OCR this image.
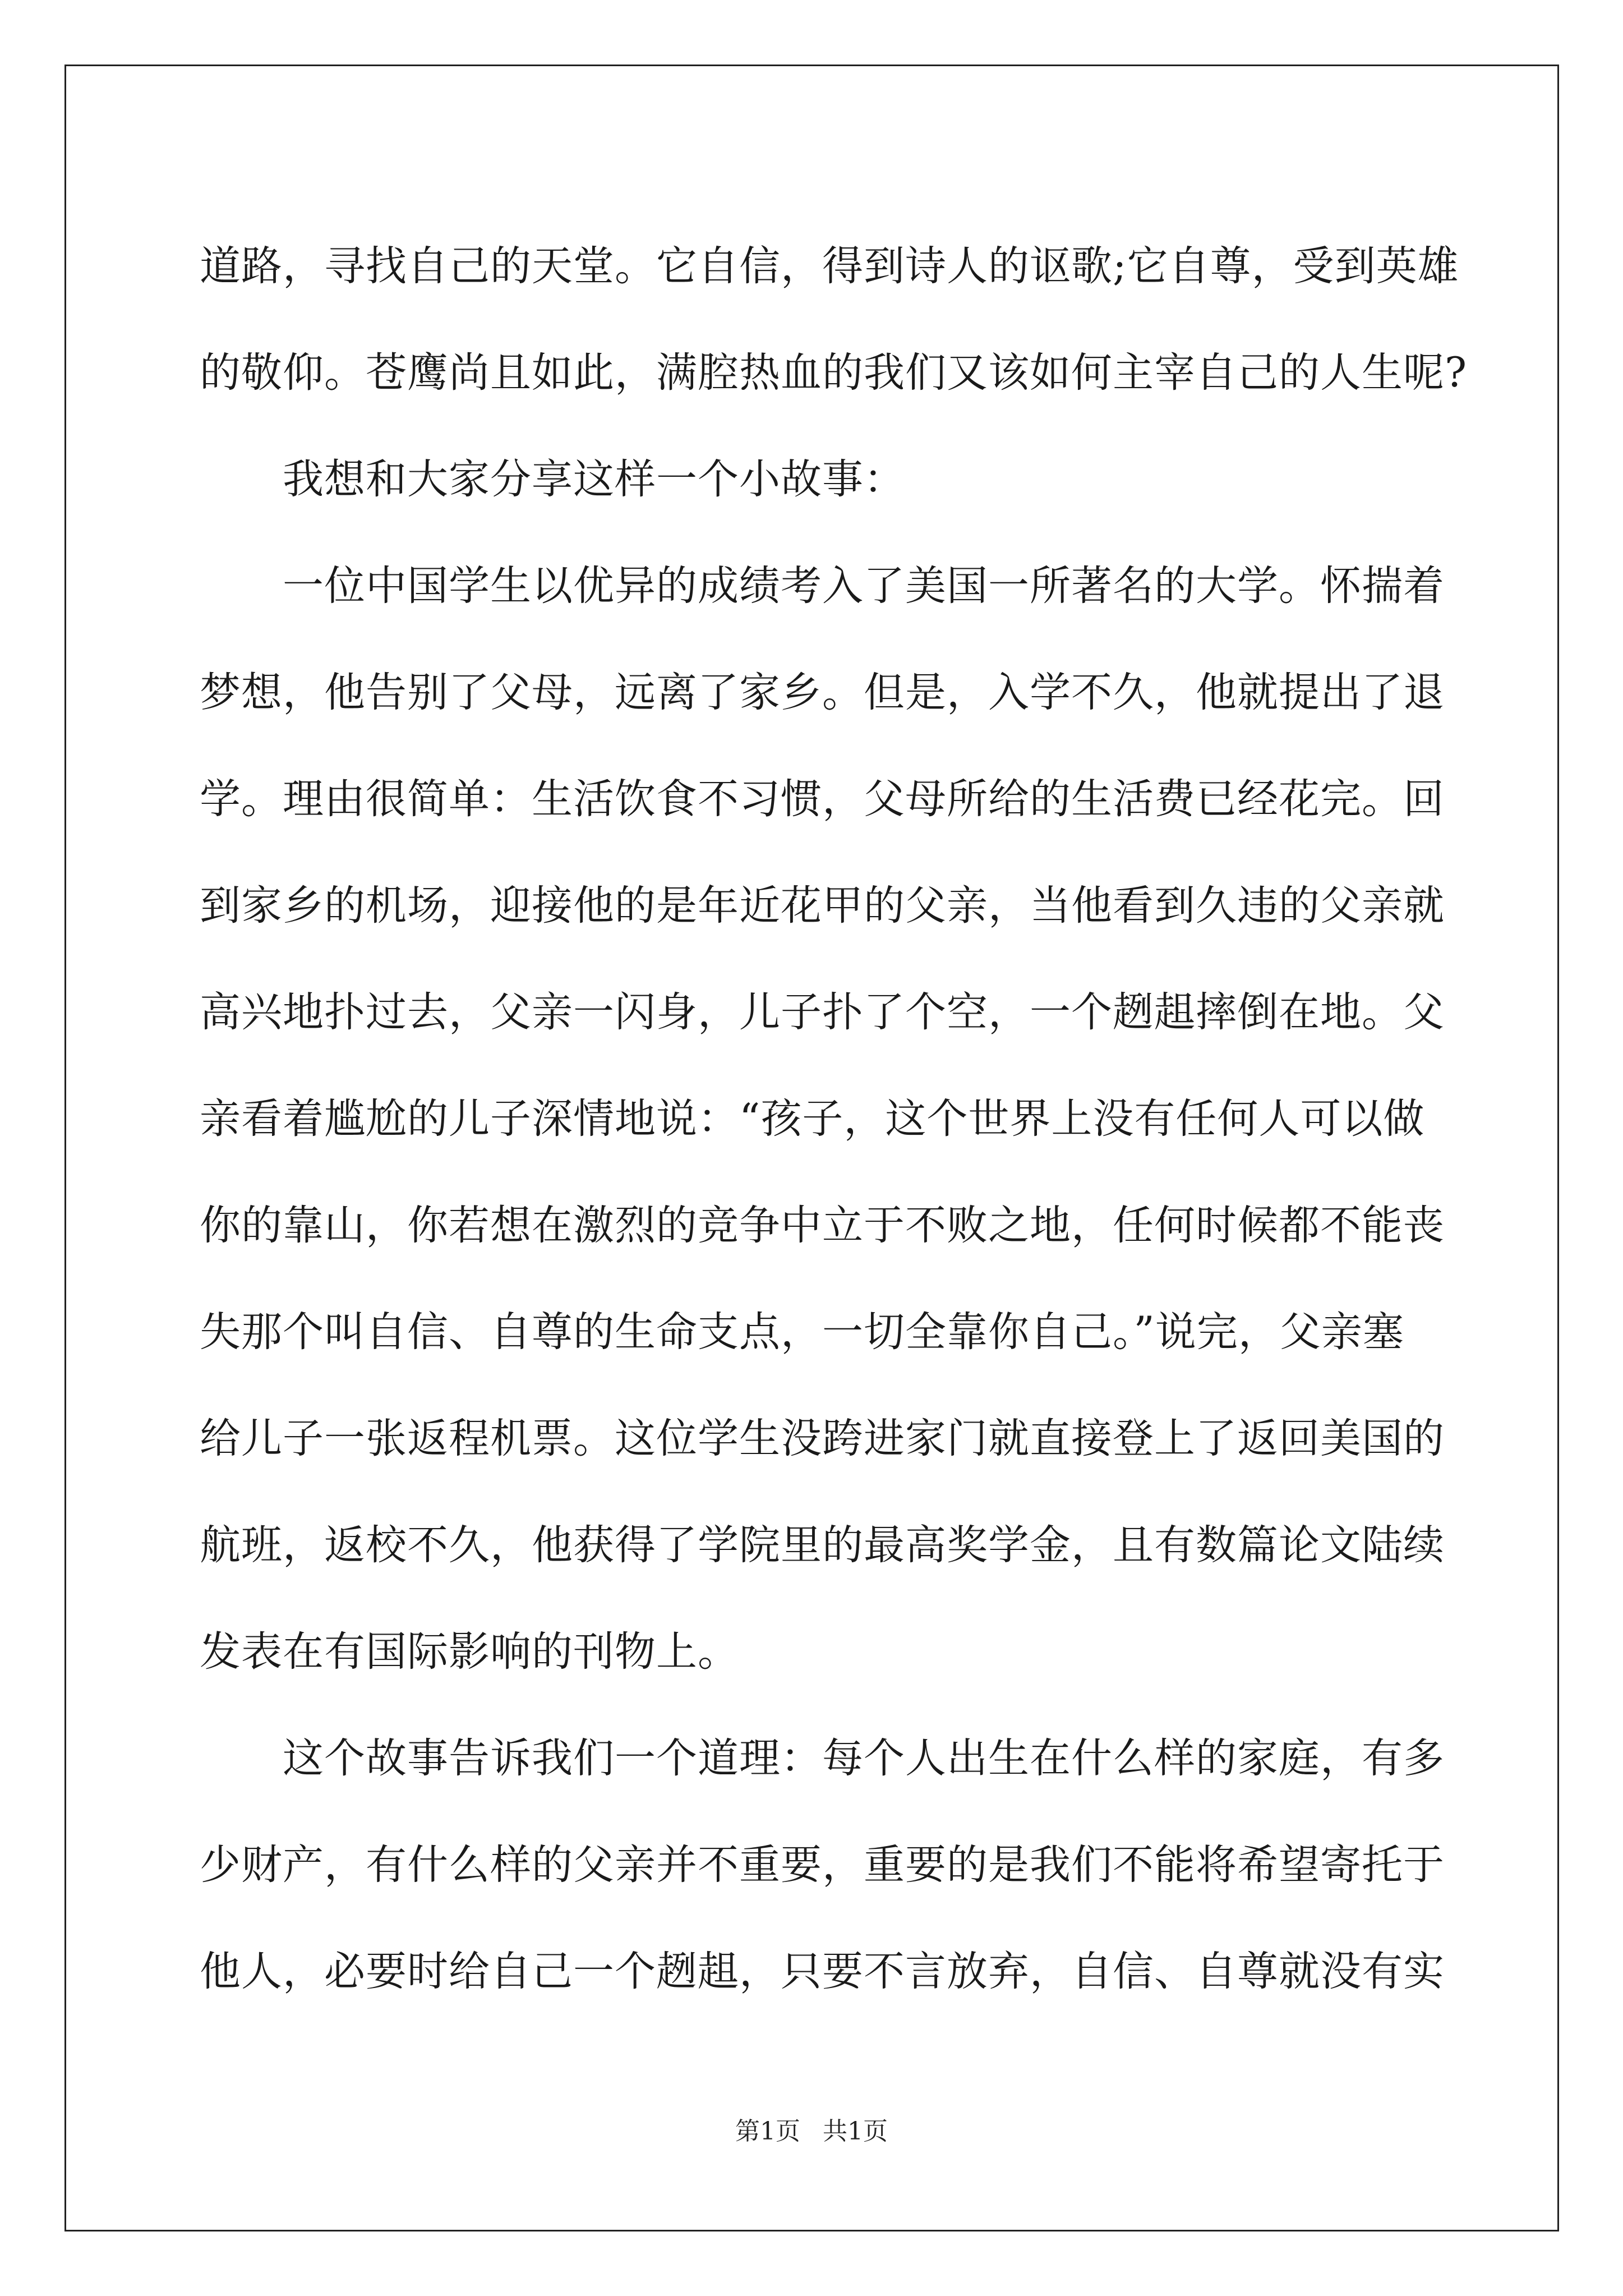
道路，寻找自己的天堂。它自信，得到诗人的讴歌;它自尊，受到英雄
的敬仰。苍鹰尚且如此，满腔热血的我们又该如何主宰自己的人生呢?
　　我想和大家分享这样一个小故事：
　　一位中国学生以优异的成绩考入了美国一所著名的大学。怀揣着
梦想，他告别了父母，远离了家乡。但是，入学不久，他就提出了退
学。理由很简单：生活饮食不习惯，父母所给的生活费已经花完。回
到家乡的机场，迎接他的是年近花甲的父亲，当他看到久违的父亲就
高兴地扑过去，父亲一闪身，儿子扑了个空，一个趔趄摔倒在地。父
亲看着尴尬的儿子深情地说：“孩子，这个世界上没有任何人可以做
你的靠山，你若想在激烈的竞争中立于不败之地，任何时候都不能丧
失那个叫自信、自尊的生命支点，一切全靠你自己。”说完，父亲塞
给儿子一张返程机票。这位学生没跨进家门就直接登上了返回美国的
航班，返校不久，他获得了学院里的最高奖学金，且有数篇论文陆续
发表在有国际影响的刊物上。
　　这个故事告诉我们一个道理：每个人出生在什么样的家庭，有多
少财产，有什么样的父亲并不重要，重要的是我们不能将希望寄托于
他人，必要时给自己一个趔趄，只要不言放弃，自信、自尊就没有实
第1页 共1页
